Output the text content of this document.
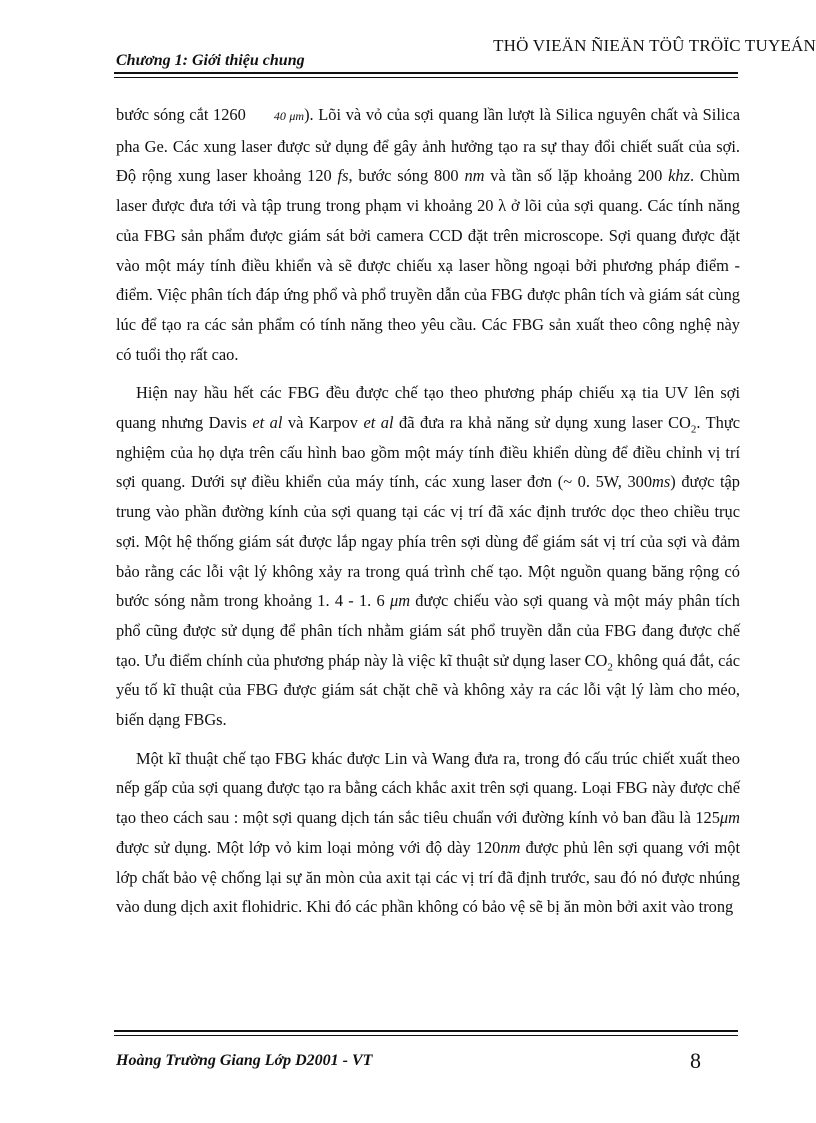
THÖ VIEÄN ÑIEÄN TÖÛ TRÖÏC TUYEÁN
Chương 1: Giới thiệu chung

bước sóng cắt 1260 40 μm). Lõi và vỏ của sợi quang lần lượt là Silica nguyên chất và Silica pha Ge. Các xung laser được sử dụng để gây ảnh hưởng tạo ra sự thay đổi chiết suất của sợi. Độ rộng xung laser khoảng 120 fs, bước sóng 800 nm và tần số lặp khoảng 200 khz. Chùm laser được đưa tới và tập trung trong phạm vi khoảng 20 λ ở lõi của sợi quang. Các tính năng của FBG sản phẩm được giám sát bởi camera CCD đặt trên microscope. Sợi quang được đặt vào một máy tính điều khiển và sẽ được chiếu xạ laser hồng ngoại bởi phương pháp điểm - điểm. Việc phân tích đáp ứng phổ và phổ truyền dẫn của FBG được phân tích và giám sát cùng lúc để tạo ra các sản phẩm có tính năng theo yêu cầu. Các FBG sản xuất theo công nghệ này có tuổi thọ rất cao.

Hiện nay hầu hết các FBG đều được chế tạo theo phương pháp chiếu xạ tia UV lên sợi quang nhưng Davis et al và Karpov et al đã đưa ra khả năng sử dụng xung laser $CO_2$. Thực nghiệm của họ dựa trên cấu hình bao gồm một máy tính điều khiển dùng để điều chỉnh vị trí sợi quang. Dưới sự điều khiển của máy tính, các xung laser đơn (~ 0. 5W, 300ms) được tập trung vào phần đường kính của sợi quang tại các vị trí đã xác định trước dọc theo chiều trục sợi. Một hệ thống giám sát được lắp ngay phía trên sợi dùng để giám sát vị trí của sợi và đảm bảo rằng các lỗi vật lý không xảy ra trong quá trình chế tạo. Một nguồn quang băng rộng có bước sóng nằm trong khoảng 1. 4 - 1. 6 μm được chiếu vào sợi quang và một máy phân tích phổ cũng được sử dụng để phân tích nhằm giám sát phổ truyền dẫn của FBG đang được chế tạo. Ưu điểm chính của phương pháp này là việc kĩ thuật sử dụng laser $CO_2$ không quá đắt, các yếu tố kĩ thuật của FBG được giám sát chặt chẽ và không xảy ra các lỗi vật lý làm cho méo, biến dạng FBGs.

Một kĩ thuật chế tạo FBG khác được Lin và Wang đưa ra, trong đó cấu trúc chiết xuất theo nếp gấp của sợi quang được tạo ra bằng cách khắc axit trên sợi quang. Loại FBG này được chế tạo theo cách sau : một sợi quang dịch tán sắc tiêu chuẩn với đường kính vỏ ban đầu là 125μm được sử dụng. Một lớp vỏ kim loại mỏng với độ dày 120nm được phủ lên sợi quang với một lớp chất bảo vệ chống lại sự ăn mòn của axit tại các vị trí đã định trước, sau đó nó được nhúng vào dung dịch axit flohidric. Khi đó các phần không có bảo vệ sẽ bị ăn mòn bởi axit vào trong

Hoàng Trường Giang Lớp D2001 - VT	8
